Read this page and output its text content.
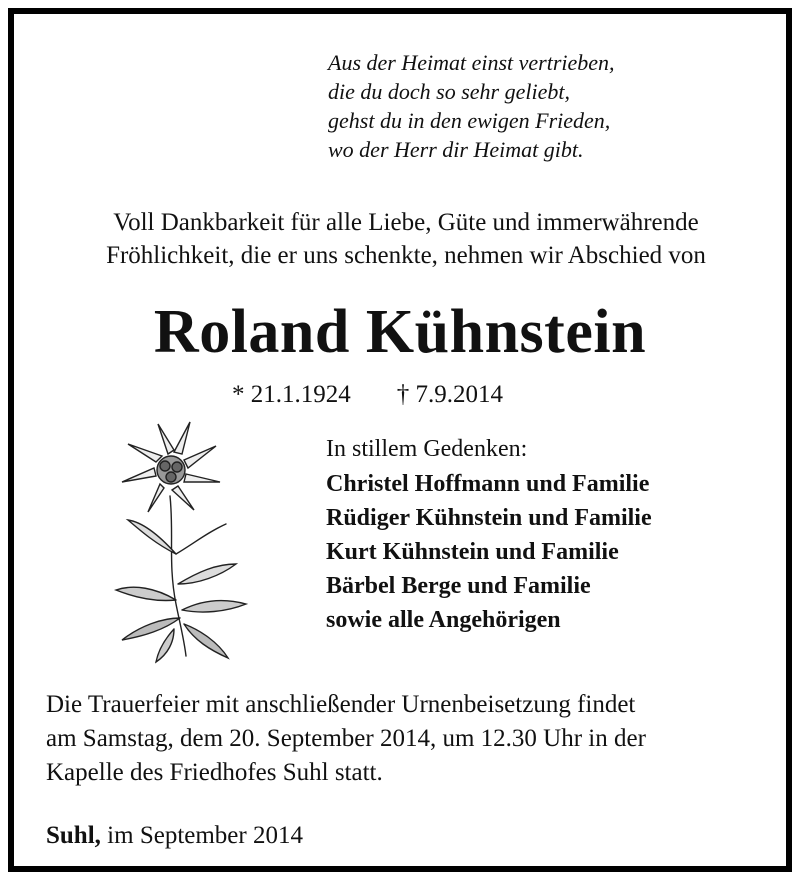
Aus der Heimat einst vertrieben,
die du doch so sehr geliebt,
gehst du in den ewigen Frieden,
wo der Herr dir Heimat gibt.
Voll Dankbarkeit für alle Liebe, Güte und immerwährende
Fröhlichkeit, die er uns schenkte, nehmen wir Abschied von
Roland Kühnstein
* 21.1.1924 † 7.9.2014
In stillem Gedenken:
Christel Hoffmann und Familie
Rüdiger Kühnstein und Familie
Kurt Kühnstein und Familie
Bärbel Berge und Familie
sowie alle Angehörigen
Die Trauerfeier mit anschließender Urnenbeisetzung findet
am Samstag, dem 20. September 2014, um 12.30 Uhr in der
Kapelle des Friedhofes Suhl statt.
Suhl, im September 2014
